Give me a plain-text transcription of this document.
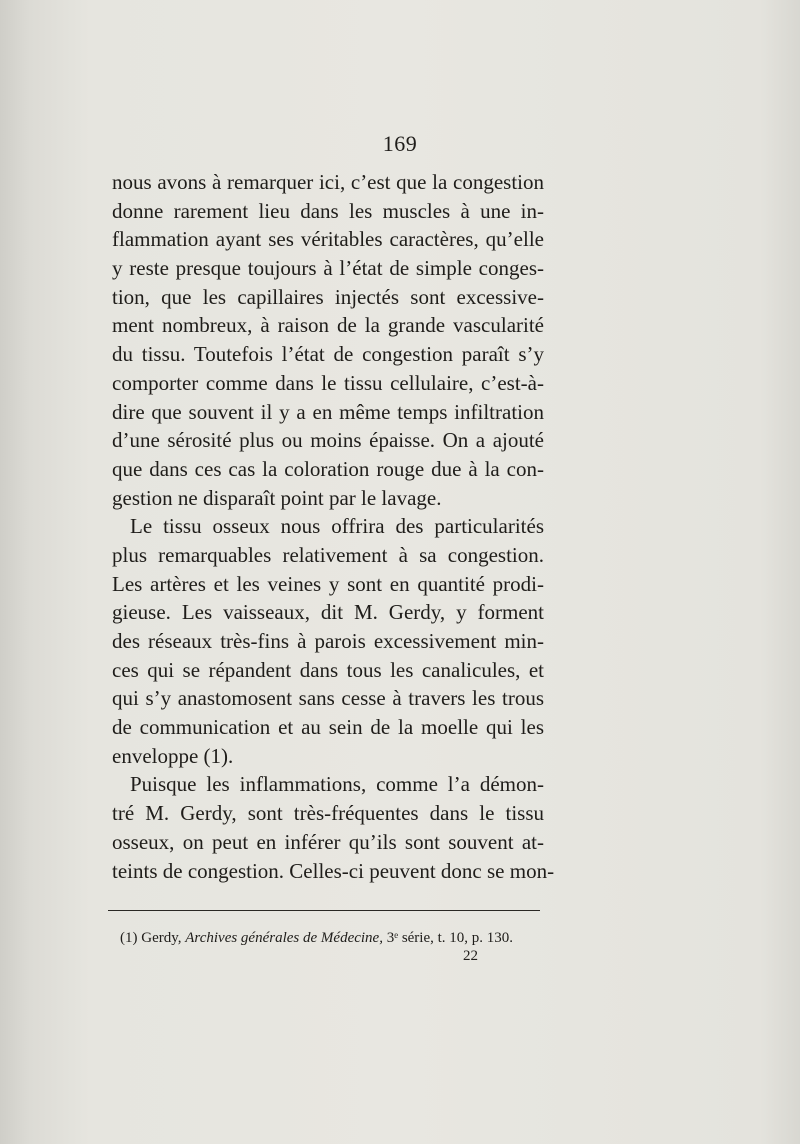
169
nous avons à remarquer ici, c’est que la congestion
donne rarement lieu dans les muscles à une in-
flammation ayant ses véritables caractères, qu’elle
y reste presque toujours à l’état de simple conges-
tion, que les capillaires injectés sont excessive-
ment nombreux, à raison de la grande vascularité
du tissu. Toutefois l’état de congestion paraît s’y
comporter comme dans le tissu cellulaire, c’est-à-
dire que souvent il y a en même temps infiltration
d’une sérosité plus ou moins épaisse. On a ajouté
que dans ces cas la coloration rouge due à la con-
gestion ne disparaît point par le lavage.
Le tissu osseux nous offrira des particularités
plus remarquables relativement à sa congestion.
Les artères et les veines y sont en quantité prodi-
gieuse. Les vaisseaux, dit M. Gerdy, y forment
des réseaux très-fins à parois excessivement min-
ces qui se répandent dans tous les canalicules, et
qui s’y anastomosent sans cesse à travers les trous
de communication et au sein de la moelle qui les
enveloppe (1).
Puisque les inflammations, comme l’a démon-
tré M. Gerdy, sont très-fréquentes dans le tissu
osseux, on peut en inférer qu’ils sont souvent at-
teints de congestion. Celles-ci peuvent donc se mon-
(1) Gerdy, Archives générales de Médecine, 3ᵉ série, t. 10, p. 130.
22
